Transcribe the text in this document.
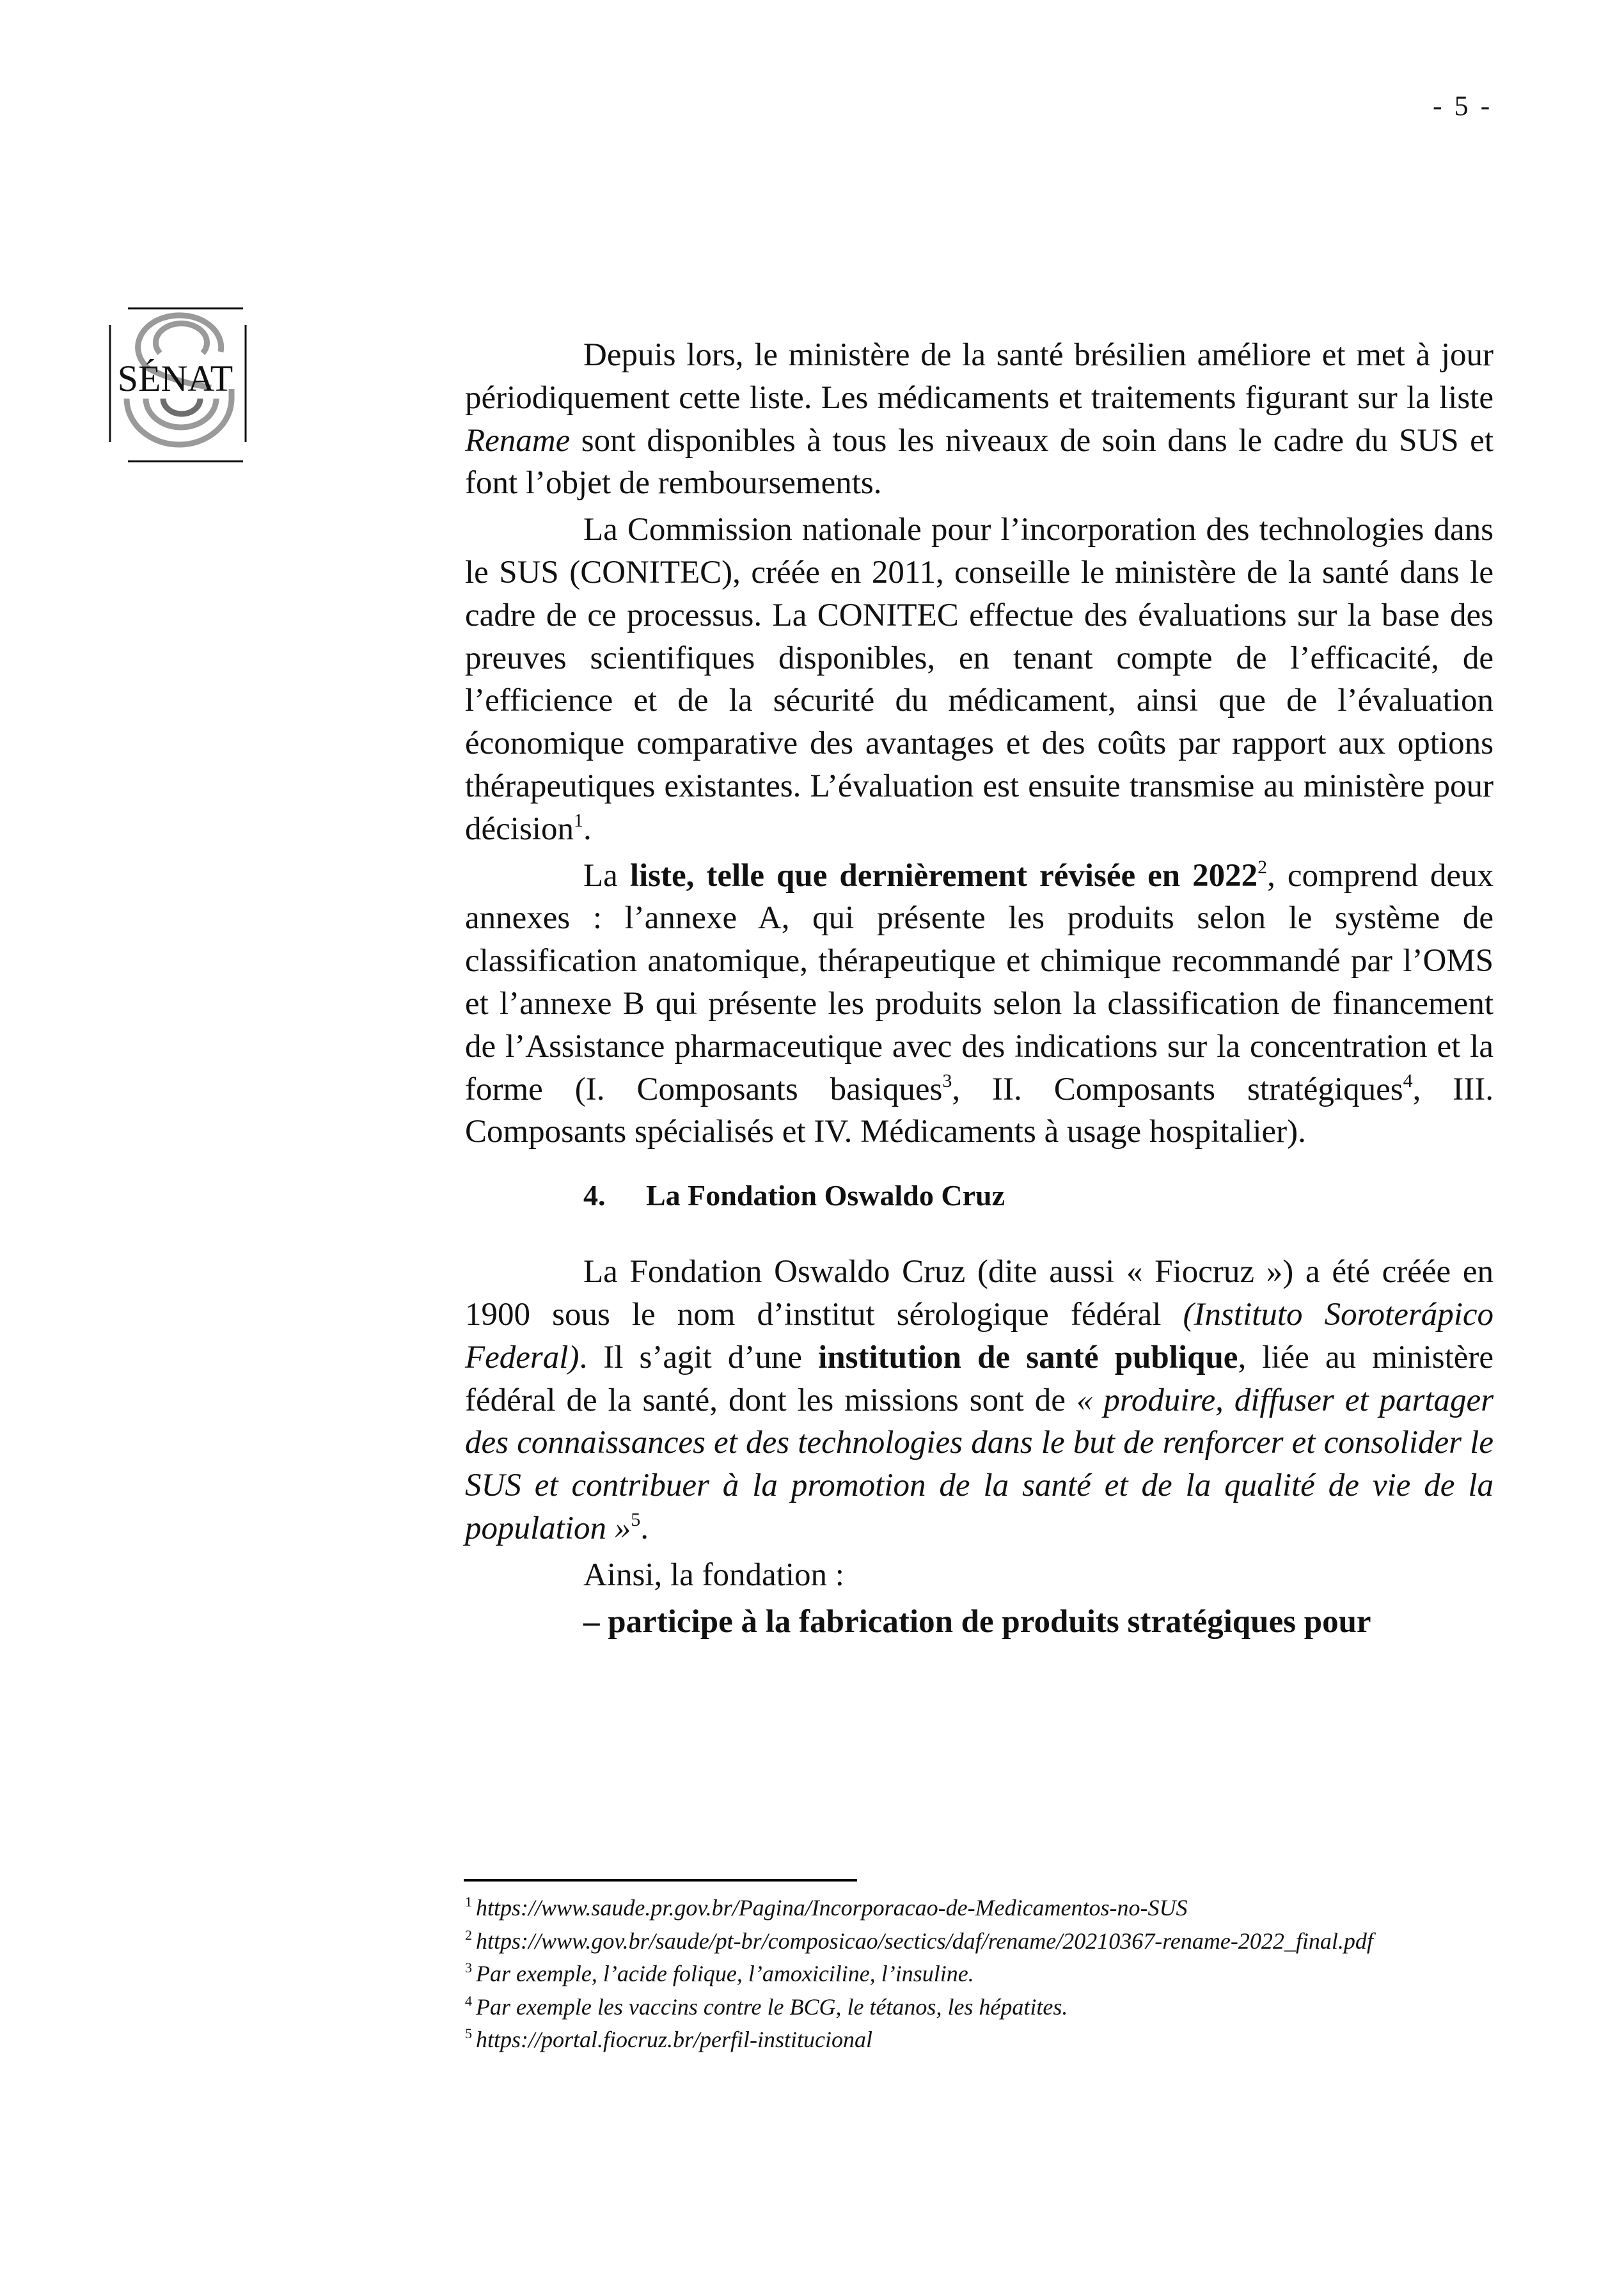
- 5 -
SÉNAT

Depuis lors, le ministère de la santé brésilien améliore et met à jour périodiquement cette liste. Les médicaments et traitements figurant sur la liste Rename sont disponibles à tous les niveaux de soin dans le cadre du SUS et font l’objet de remboursements.

La Commission nationale pour l’incorporation des technologies dans le SUS (CONITEC), créée en 2011, conseille le ministère de la santé dans le cadre de ce processus. La CONITEC effectue des évaluations sur la base des preuves scientifiques disponibles, en tenant compte de l’efficacité, de l’efficience et de la sécurité du médicament, ainsi que de l’évaluation économique comparative des avantages et des coûts par rapport aux options thérapeutiques existantes. L’évaluation est ensuite transmise au ministère pour décision$^1$.

La liste, telle que dernièrement révisée en 2022$^2$, comprend deux annexes : l’annexe A, qui présente les produits selon le système de classification anatomique, thérapeutique et chimique recommandé par l’OMS et l’annexe B qui présente les produits selon la classification de financement de l’Assistance pharmaceutique avec des indications sur la concentration et la forme (I. Composants basiques$^3$, II. Composants stratégiques$^4$, III. Composants spécialisés et IV. Médicaments à usage hospitalier).

4.	La Fondation Oswaldo Cruz

La Fondation Oswaldo Cruz (dite aussi « Fiocruz ») a été créée en 1900 sous le nom d’institut sérologique fédéral (Instituto Soroterápico Federal). Il s’agit d’une institution de santé publique, liée au ministère fédéral de la santé, dont les missions sont de « produire, diffuser et partager des connaissances et des technologies dans le but de renforcer et consolider le SUS et contribuer à la promotion de la santé et de la qualité de vie de la population »$^5$.

Ainsi, la fondation :

– participe à la fabrication de produits stratégiques pour

$^1$ https://www.saude.pr.gov.br/Pagina/Incorporacao-de-Medicamentos-no-SUS

$^2$ https://www.gov.br/saude/pt-br/composicao/sectics/daf/rename/20210367-rename-2022_final.pdf

$^3$ Par exemple, l’acide folique, l’amoxiciline, l’insuline.

$^4$ Par exemple les vaccins contre le BCG, le tétanos, les hépatites.

$^5$ https://portal.fiocruz.br/perfil-institucional
